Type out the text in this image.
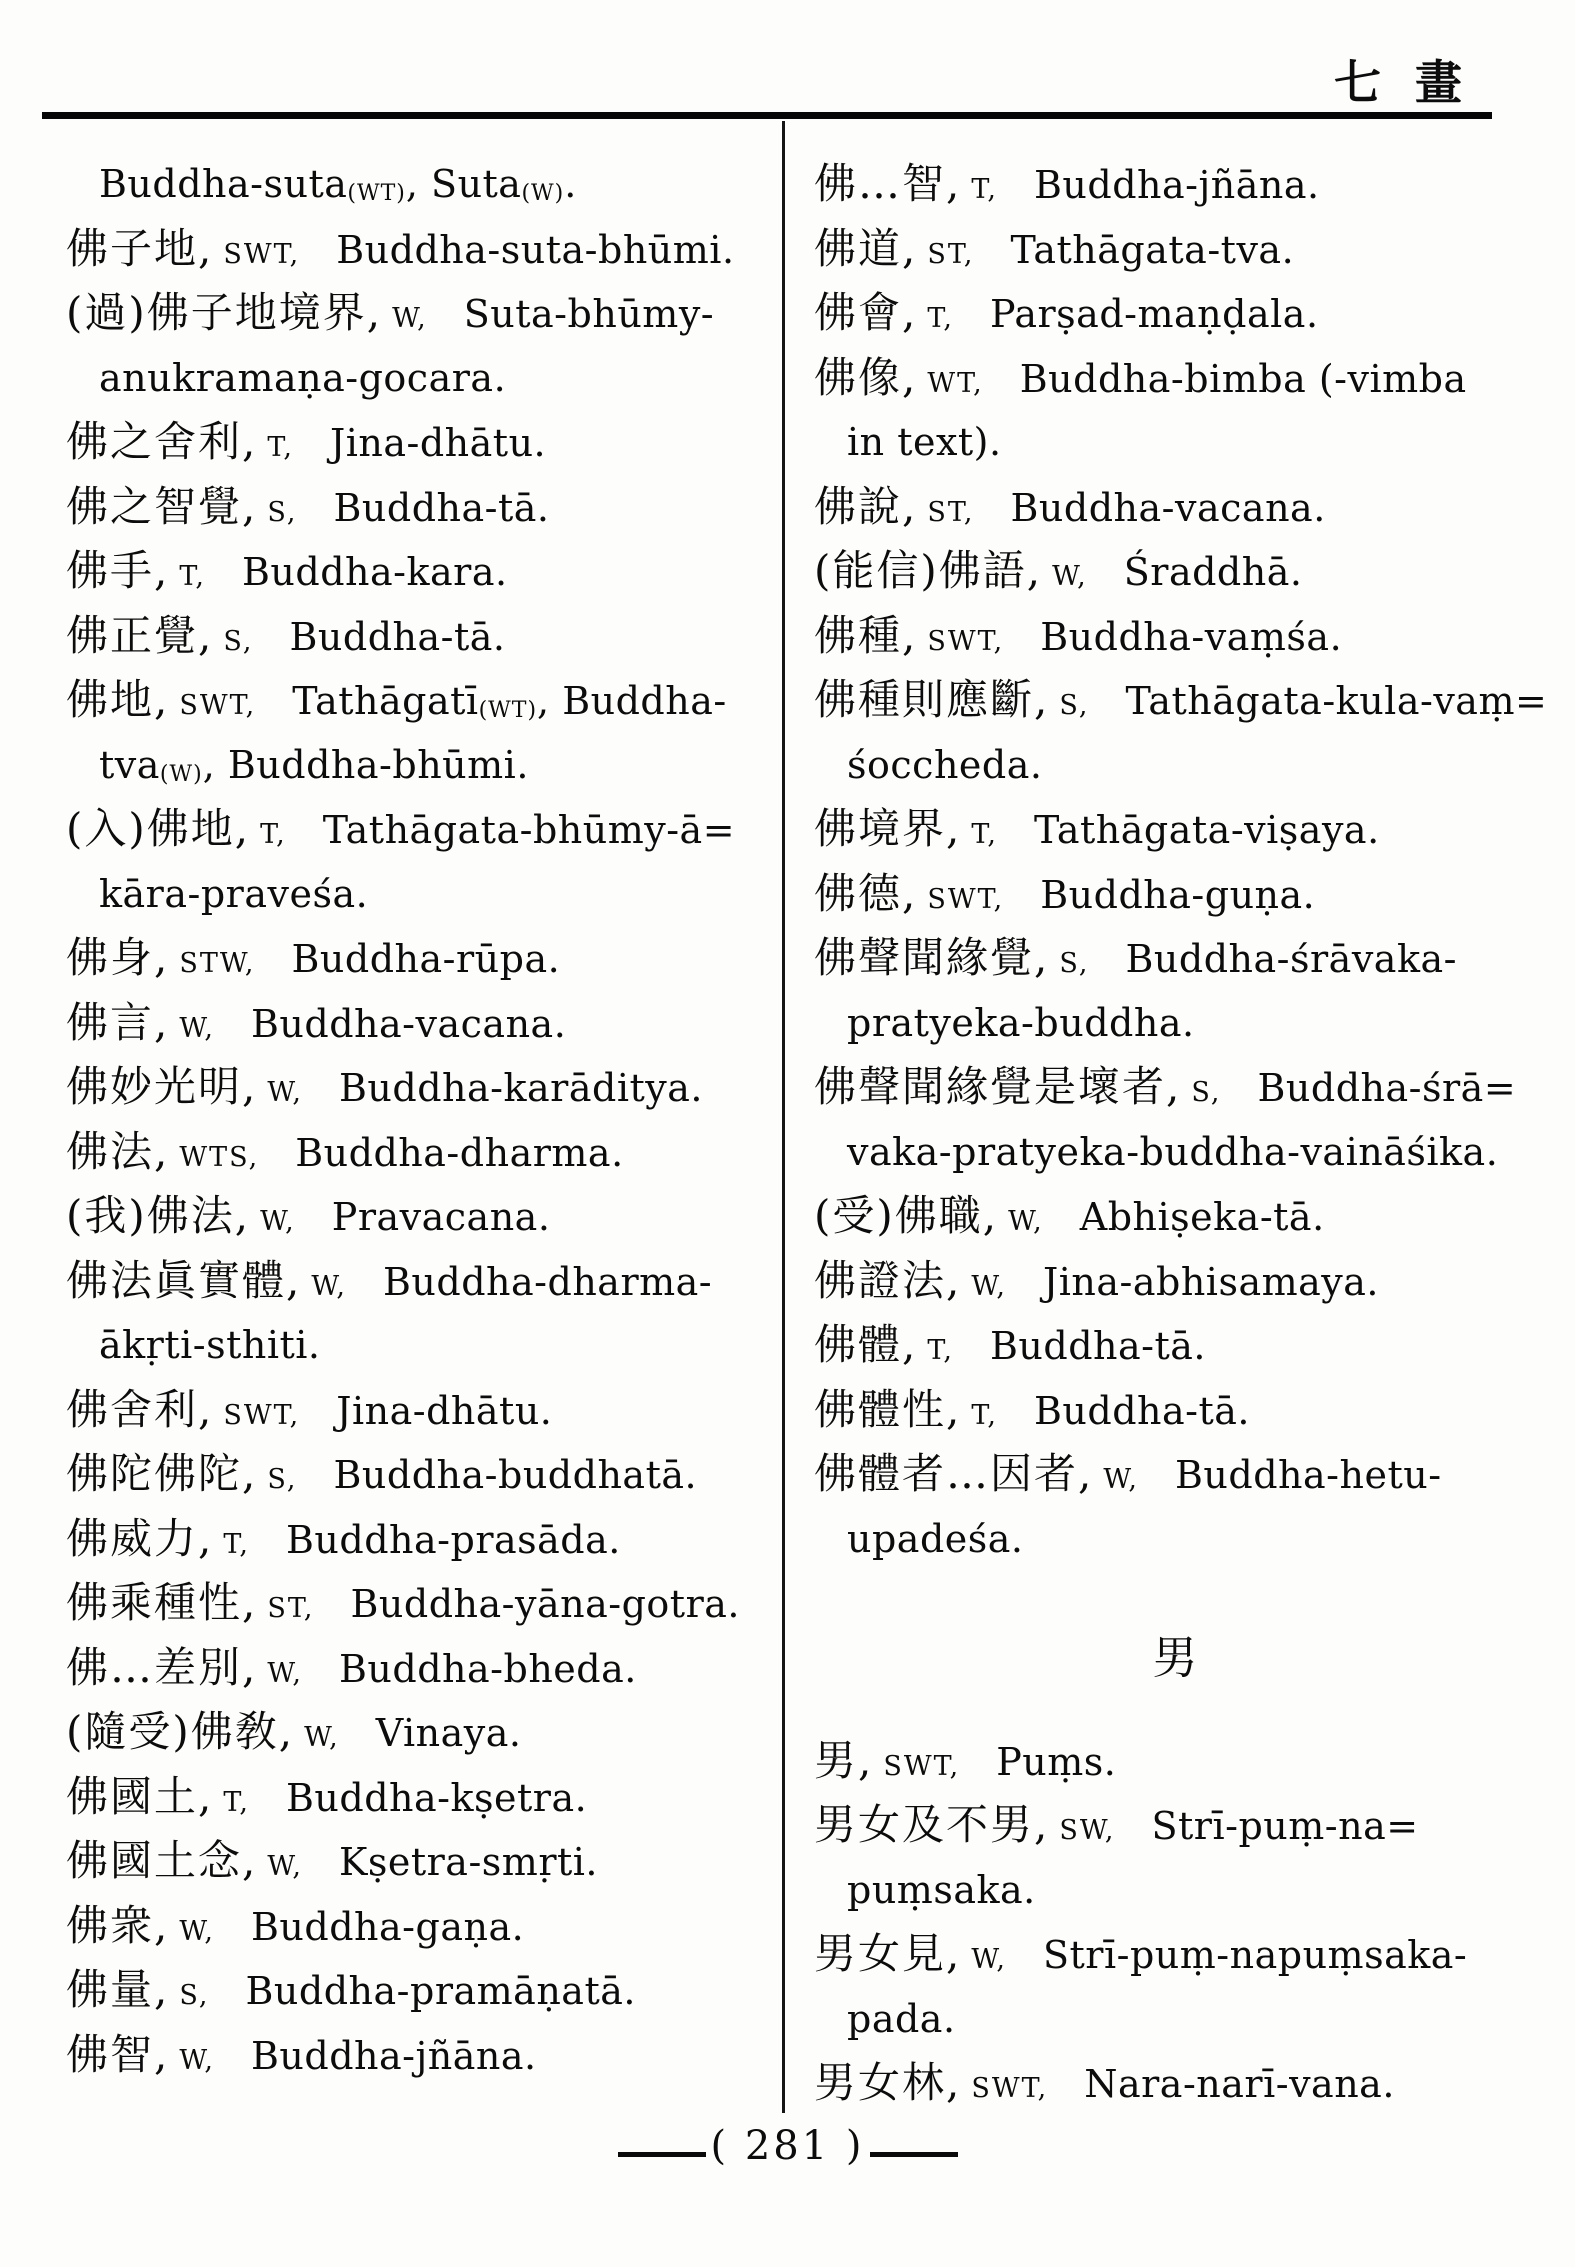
七畫
Buddha-suta(WT), Suta(W).
佛子地, SWT, Buddha-suta-bhūmi.
(過)佛子地境界, W, Suta-bhūmy-
anukramaṇa-gocara.
佛之舍利, T, Jina-dhātu.
佛之智覺, S, Buddha-tā.
佛手, T, Buddha-kara.
佛正覺, S, Buddha-tā.
佛地, SWT, Tathāgatī(WT), Buddha-
tva(W), Buddha-bhūmi.
(入)佛地, T, Tathāgata-bhūmy-ā=
kāra-praveśa.
佛身, STW, Buddha-rūpa.
佛言, W, Buddha-vacana.
佛妙光明, W, Buddha-karāditya.
佛法, WTS, Buddha-dharma.
(我)佛法, W, Pravacana.
佛法眞實體, W, Buddha-dharma-
ākṛti-sthiti.
佛舍利, SWT, Jina-dhātu.
佛陀佛陀, S, Buddha-buddhatā.
佛威力, T, Buddha-prasāda.
佛乘種性, ST, Buddha-yāna-gotra.
佛…差別, W, Buddha-bheda.
(隨受)佛敎, W, Vinaya.
佛國土, T, Buddha-kṣetra.
佛國土念, W, Kṣetra-smṛti.
佛衆, W, Buddha-gaṇa.
佛量, S, Buddha-pramāṇatā.
佛智, W, Buddha-jñāna.
佛…智, T, Buddha-jñāna.
佛道, ST, Tathāgata-tva.
佛會, T, Parṣad-maṇḍala.
佛像, WT, Buddha-bimba (-vimba
in text).
佛說, ST, Buddha-vacana.
(能信)佛語, W, Śraddhā.
佛種, SWT, Buddha-vaṃśa.
佛種則應斷, S, Tathāgata-kula-vaṃ=
śoccheda.
佛境界, T, Tathāgata-viṣaya.
佛德, SWT, Buddha-guṇa.
佛聲聞緣覺, S, Buddha-śrāvaka-
pratyeka-buddha.
佛聲聞緣覺是壞者, S, Buddha-śrā=
vaka-pratyeka-buddha-vaināśika.
(受)佛職, W, Abhiṣeka-tā.
佛證法, W, Jina-abhisamaya.
佛體, T, Buddha-tā.
佛體性, T, Buddha-tā.
佛體者…因者, W, Buddha-hetu-
upadeśa.
男
男, SWT, Puṃs.
男女及不男, SW, Strī-puṃ-na=
puṃsaka.
男女見, W, Strī-puṃ-napuṃsaka-
pada.
男女林, SWT, Nara-narī-vana.
( 281 )
